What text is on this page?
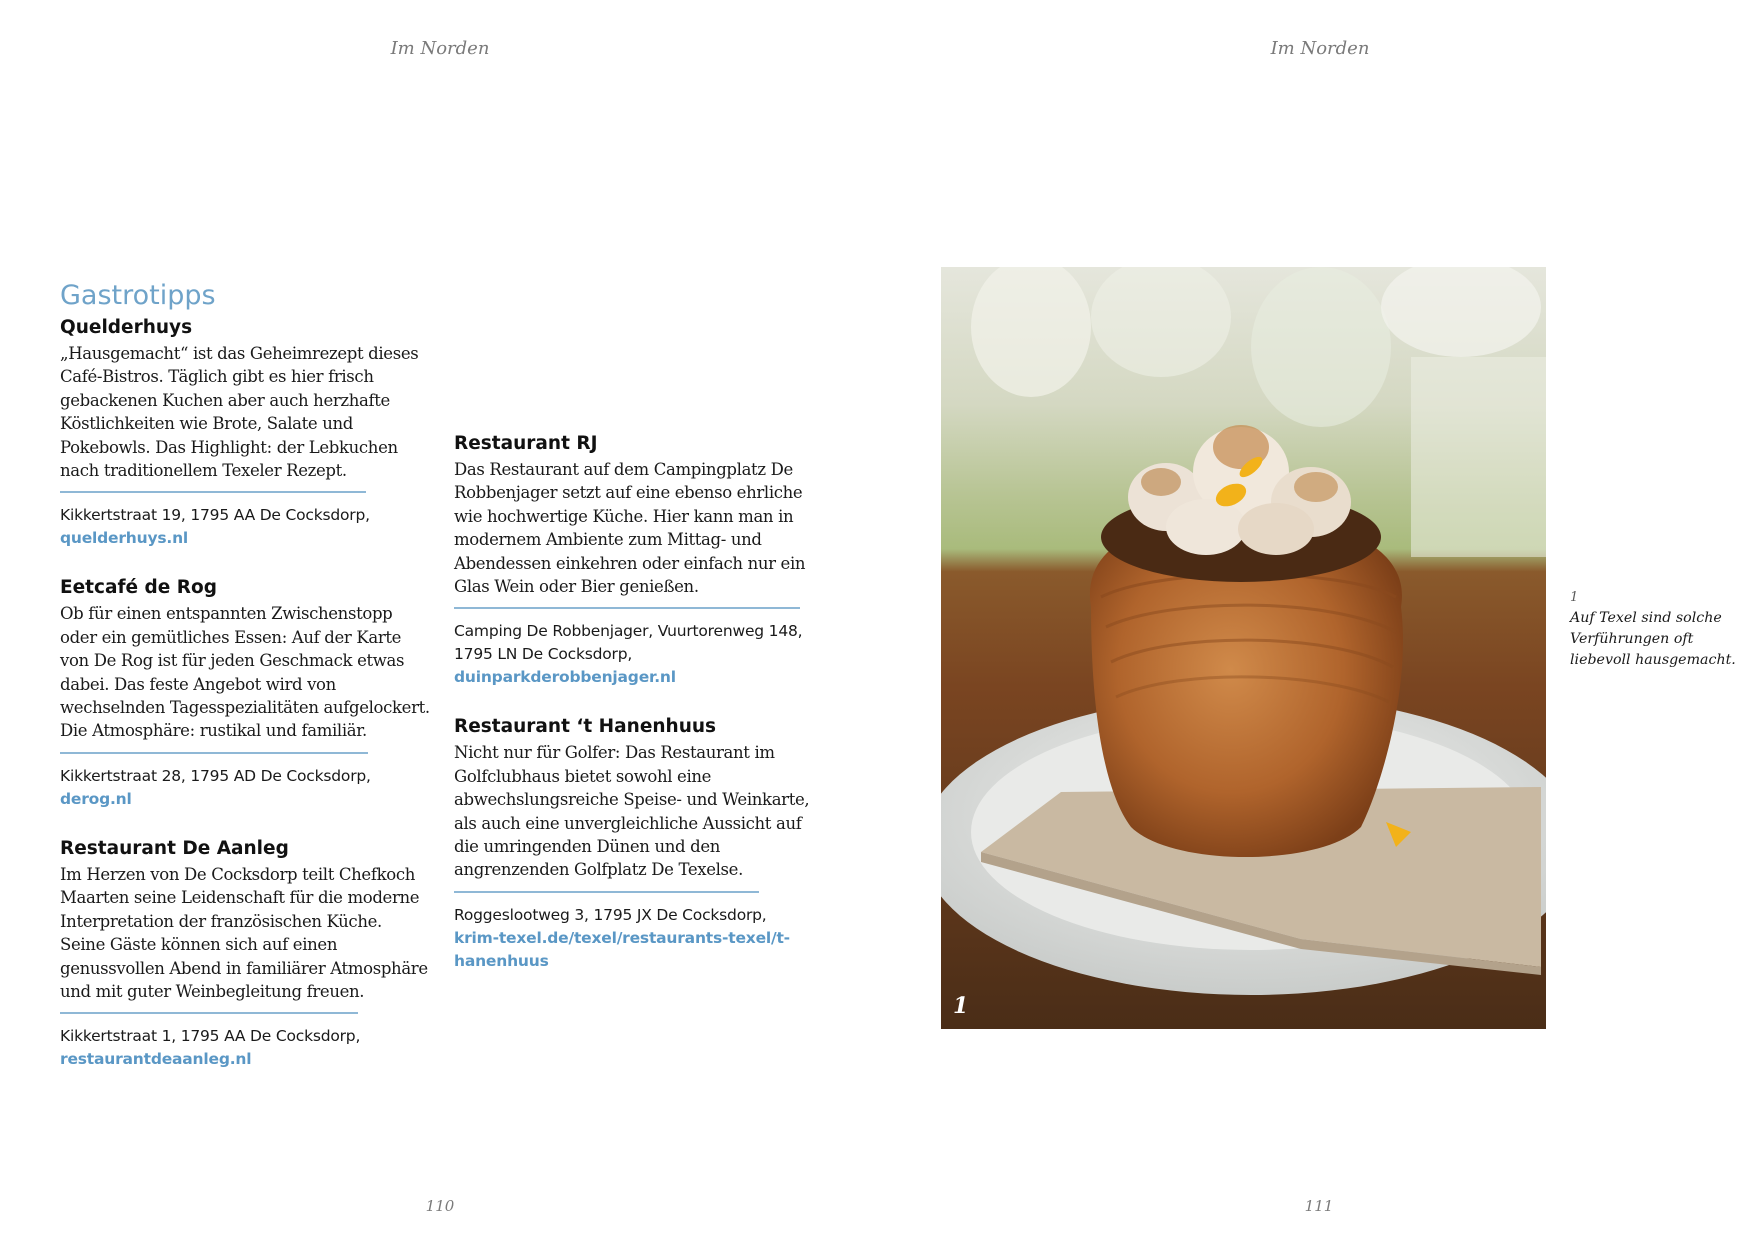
Im Norden	Im Norden
Gastrotipps
Quelderhuys

„Hausgemacht“ ist das Geheimrezept dieses Café-Bistros. Täglich gibt es hier frisch gebackenen Kuchen aber auch herzhafte Köstlichkeiten wie Brote, Salate und Pokebowls. Das Highlight: der Lebkuchen nach traditionellem Texeler Rezept.

Kikkertstraat 19, 1795 AA De Cocksdorp,

quelderhuys.nl
Eetcafé de Rog

Ob für einen entspannten Zwischenstopp oder ein gemütliches Essen: Auf der Karte von De Rog ist für jeden Geschmack etwas dabei. Das feste Angebot wird von wechselnden Tagesspezialitäten aufgelockert. Die Atmosphäre: rustikal und familiär.

Kikkertstraat 28, 1795 AD De Cocksdorp,

derog.nl
Restaurant De Aanleg

Im Herzen von De Cocksdorp teilt Chefkoch Maarten seine Leidenschaft für die moderne Interpretation der französischen Küche. Seine Gäste können sich auf einen genussvollen Abend in familiärer Atmosphäre und mit guter Weinbegleitung freuen.

Kikkertstraat 1, 1795 AA De Cocksdorp,

restaurantdeaanleg.nl
Restaurant RJ

Das Restaurant auf dem Campingplatz De Robbenjager setzt auf eine ebenso ehrliche wie hochwertige Küche. Hier kann man in modernem Ambiente zum Mittag- und Abendessen einkehren oder einfach nur ein Glas Wein oder Bier genießen.

Camping De Robbenjager, Vuurtorenweg 148, 1795 LN De Cocksdorp,

duinparkderobbenjager.nl
Restaurant ‘t Hanenhuus

Nicht nur für Golfer: Das Restaurant im Golfclubhaus bietet sowohl eine abwechslungsreiche Speise- und Weinkarte, als auch eine unvergleichliche Aussicht auf die umringenden Dünen und den angrenzenden Golfplatz De Texelse.

Roggeslootweg 3, 1795 JX De Cocksdorp,

krim-texel.de/texel/restaurants-texel/t-hanenhuus
1
1
Auf Texel sind solche Verführungen oft liebevoll hausgemacht.
110	111
